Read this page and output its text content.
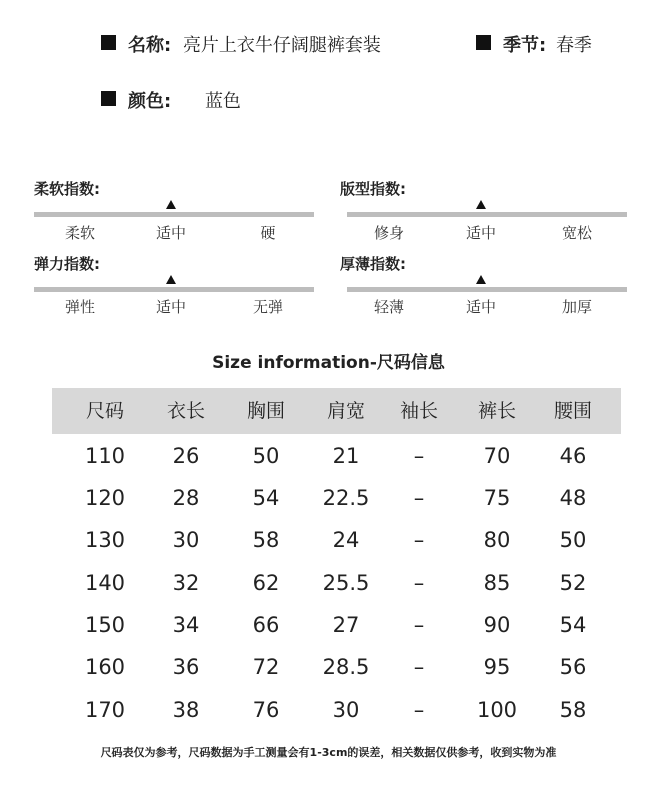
名称: 亮片上衣牛仔阔腿裤套装	季节: 春季
颜色: 蓝色
柔软指数:
柔软	适中	硬
版型指数:
修身	适中	宽松
弹力指数:
弹性	适中	无弹
厚薄指数:
轻薄	适中	加厚
Size information-尺码信息
尺码	衣长	胸围	肩宽	袖长	裤长	腰围
110	26	50	21	–	70	46
120	28	54	22.5	–	75	48
130	30	58	24	–	80	50
140	32	62	25.5	–	85	52
150	34	66	27	–	90	54
160	36	72	28.5	–	95	56
170	38	76	30	–	100	58
尺码表仅为参考，尺码数据为手工测量会有1-3cm的误差，相关数据仅供参考，收到实物为准
